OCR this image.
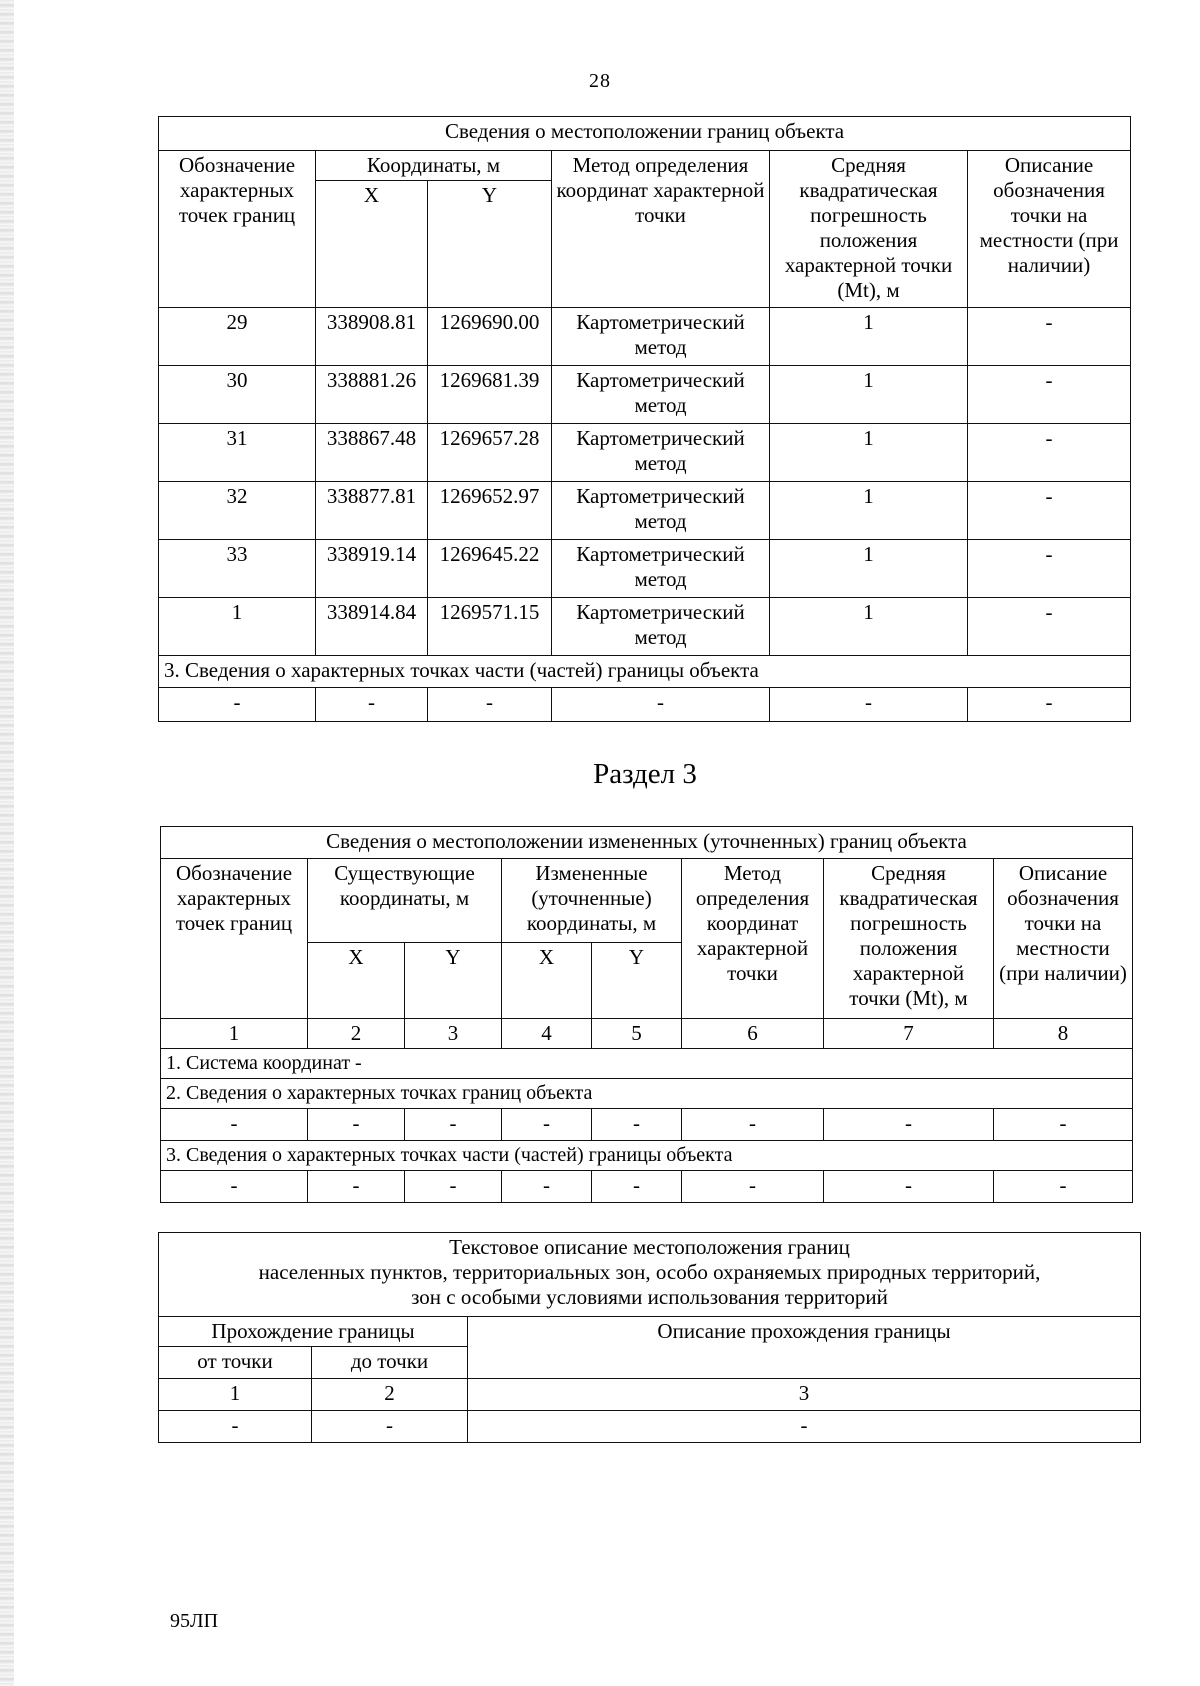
28
Сведения о местоположении границ объекта					
Обозначение характерных точек границ	Координаты, м		Метод определения координат характерной точки	Средняя квадратическая погрешность положения характерной точки (Mt), м	Описание обозначения точки на местности (при наличии)
	X	Y			
29	338908.81	1269690.00	Картометрический метод	1	-
30	338881.26	1269681.39	Картометрический метод	1	-
31	338867.48	1269657.28	Картометрический метод	1	-
32	338877.81	1269652.97	Картометрический метод	1	-
33	338919.14	1269645.22	Картометрический метод	1	-
1	338914.84	1269571.15	Картометрический метод	1	-
3. Сведения о характерных точках части (частей) границы объекта					
-	-	-	-	-	-
Раздел 3
Сведения о местоположении измененных (уточненных) границ объекта							
Обозначение характерных точек границ	Существующие координаты, м		Измененные (уточненные) координаты, м		Метод определения координат характерной точки	Средняя квадратическая погрешность положения характерной точки (Mt), м	Описание обозначения точки на местности (при наличии)
	X	Y	X	Y			
1	2	3	4	5	6	7	8
1. Система координат -							
2. Сведения о характерных точках границ объекта							
-	-	-	-	-	-	-	-
3. Сведения о характерных точках части (частей) границы объекта							
-	-	-	-	-	-	-	-
Текстовое описание местоположения границ
населенных пунктов, территориальных зон, особо охраняемых природных территорий,
зон с особыми условиями использования территорий		

Прохождение границы		Описание прохождения границы
от точки	до точки	
1	2	3
-	-	-
95ЛП
